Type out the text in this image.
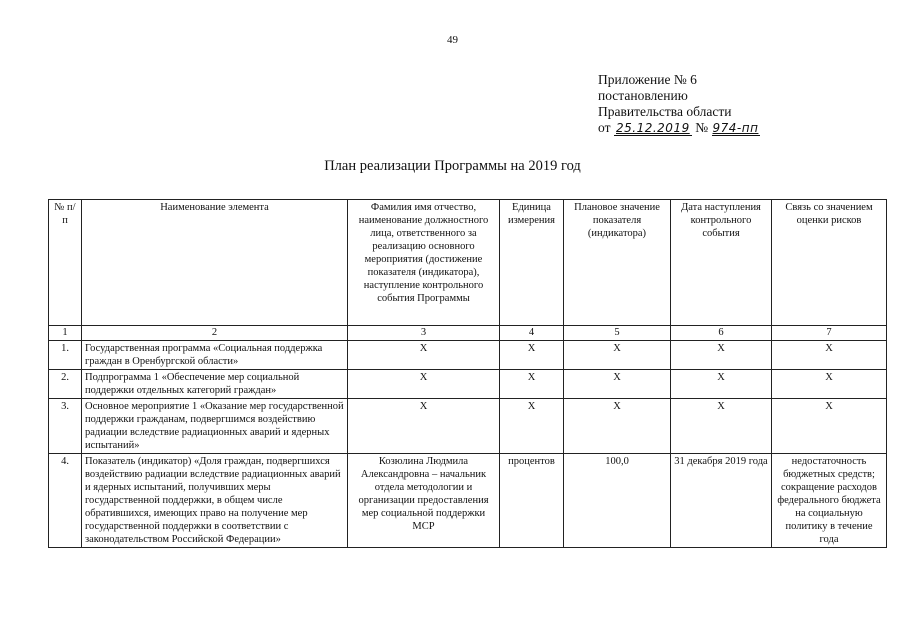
49
Приложение № 6
постановлению
Правительства области
от 25.12.2019 № 974-пп
План реализации Программы на 2019 год
№ п/п	Наименование элемента	Фамилия имя отчество, наименование должностного лица, ответственного за реализацию основного мероприятия (достижение показателя (индикатора), наступление контрольного события Программы	Единица измерения	Плановое значение показателя (индикатора)	Дата наступления контрольного события	Связь со значением оценки рисков
1	2	3	4	5	6	7
1.	Государственная программа «Социальная поддержка граждан в Оренбургской области»	X	X	X	X	X
2.	Подпрограмма 1 «Обеспечение мер социальной поддержки отдельных категорий граждан»	X	X	X	X	X
3.	Основное мероприятие 1 «Оказание мер государственной поддержки гражданам, подвергшимся воздействию радиации вследствие радиационных аварий и ядерных испытаний»	X	X	X	X	X
4.	Показатель (индикатор) «Доля граждан, подвергшихся воздействию радиации вследствие радиационных аварий и ядерных испытаний, получивших меры государственной поддержки, в общем числе обратившихся, имеющих право на получение мер государственной поддержки в соответствии с законодательством Российской Федерации»	Козюлина Людмила Александровна – начальник отдела методологии и организации предоставления мер социальной поддержки МСР	процентов	100,0	31 декабря 2019 года	недостаточность бюджетных средств; сокращение расходов федерального бюджета на социальную политику в течение года
